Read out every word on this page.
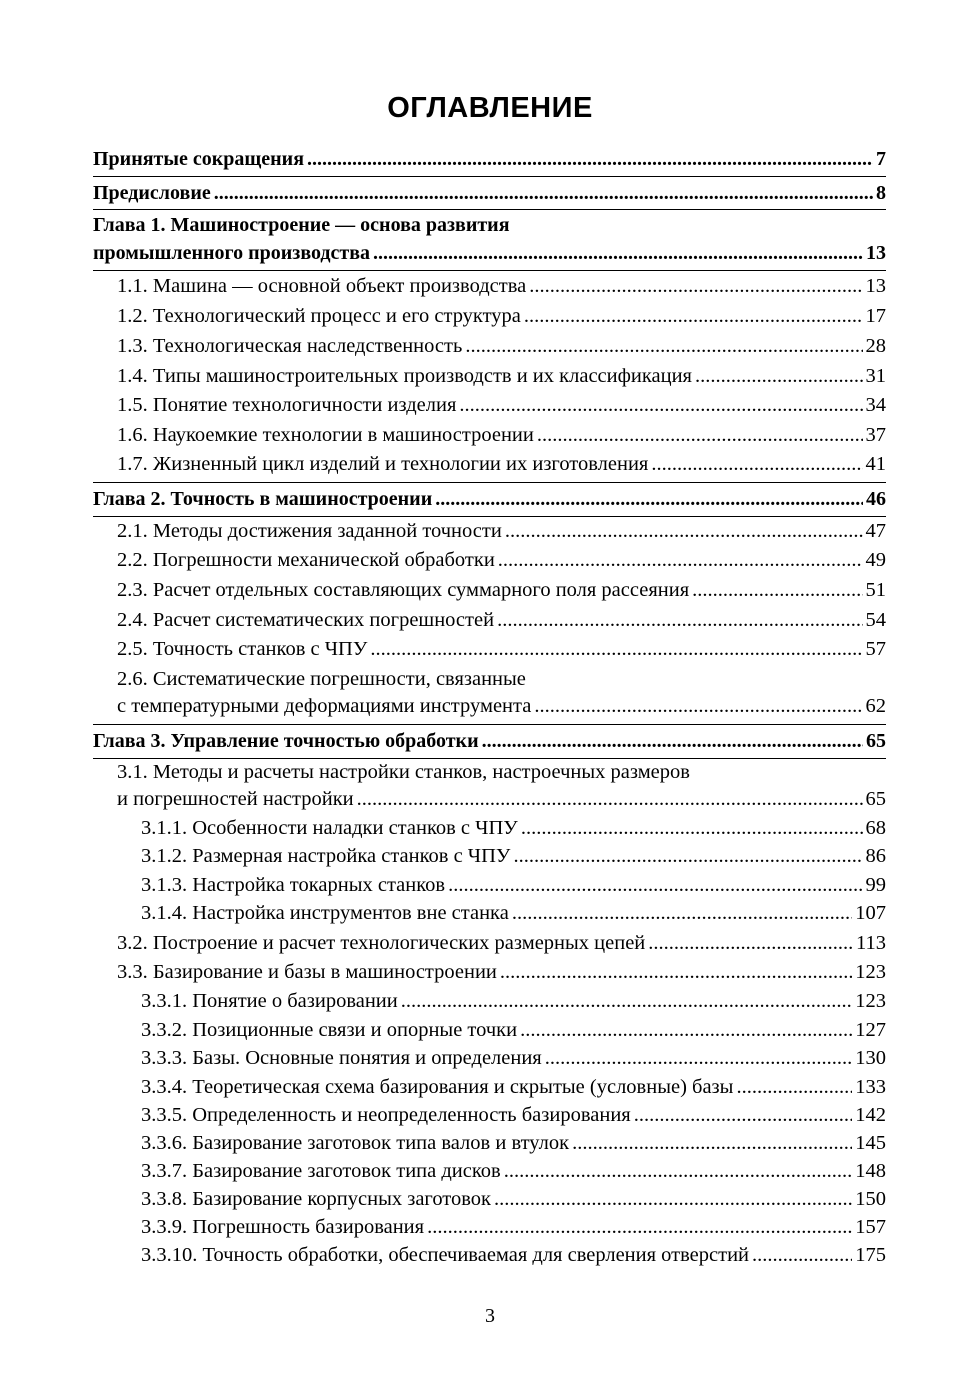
ОГЛАВЛЕНИЕ
Принятые сокращения .....	7
Предисловие .....	8
Глава 1. Машиностроение — основа развития
промышленного производства .....	13
1.1. Машина — основной объект производства .....	13
1.2. Технологический процесс и его структура .....	17
1.3. Технологическая наследственность .....	28
1.4. Типы машиностроительных производств и их классификация .....	31
1.5. Понятие технологичности изделия .....	34
1.6. Наукоемкие технологии в машиностроении .....	37
1.7. Жизненный цикл изделий и технологии их изготовления .....	41
Глава 2. Точность в машиностроении .....	46
2.1. Методы достижения заданной точности .....	47
2.2. Погрешности механической обработки .....	49
2.3. Расчет отдельных составляющих суммарного поля рассеяния .....	51
2.4. Расчет систематических погрешностей .....	54
2.5. Точность станков с ЧПУ .....	57
2.6. Систематические погрешности, связанные
с температурными деформациями инструмента .....	62
Глава 3. Управление точностью обработки .....	65
3.1. Методы и расчеты настройки станков, настроечных размеров
и погрешностей настройки .....	65
3.1.1. Особенности наладки станков с ЧПУ .....	68
3.1.2. Размерная настройка станков с ЧПУ .....	86
3.1.3. Настройка токарных станков .....	99
3.1.4. Настройка инструментов вне станка .....	107
3.2. Построение и расчет технологических размерных цепей .....	113
3.3. Базирование и базы в машиностроении .....	123
3.3.1. Понятие о базировании .....	123
3.3.2. Позиционные связи и опорные точки .....	127
3.3.3. Базы. Основные понятия и определения .....	130
3.3.4. Теоретическая схема базирования и скрытые (условные) базы .....	133
3.3.5. Определенность и неопределенность базирования .....	142
3.3.6. Базирование заготовок типа валов и втулок .....	145
3.3.7. Базирование заготовок типа дисков .....	148
3.3.8. Базирование корпусных заготовок .....	150
3.3.9. Погрешность базирования .....	157
3.3.10. Точность обработки, обеспечиваемая для сверления отверстий .....	175
3
